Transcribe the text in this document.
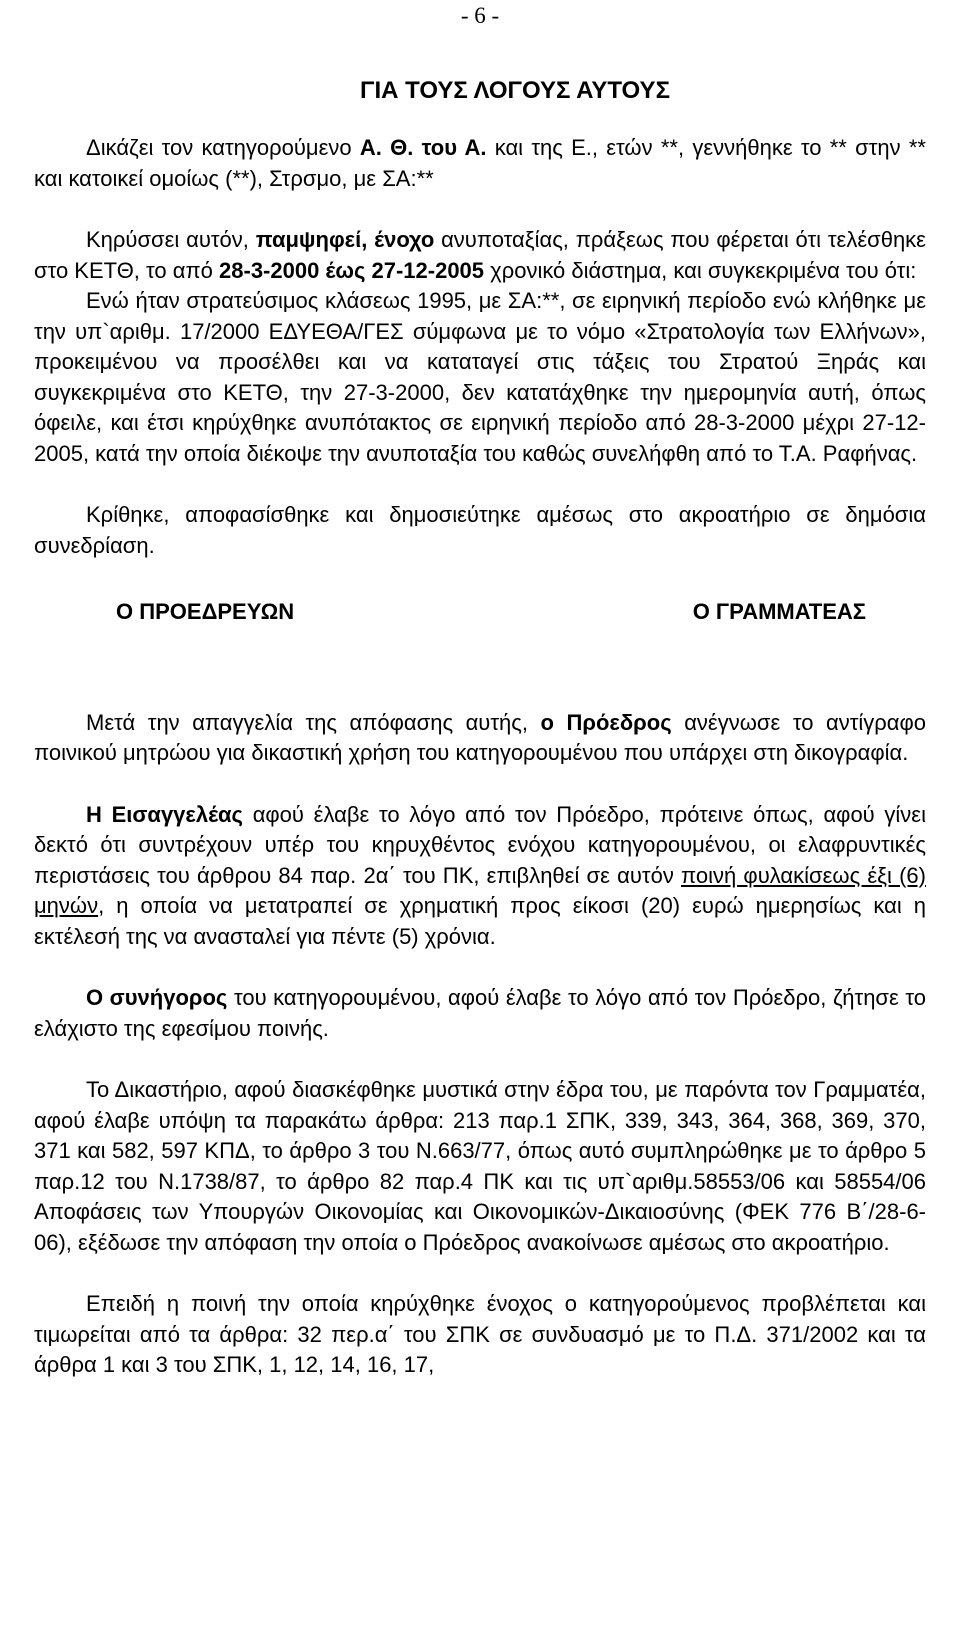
- 6 -
ΓΙΑ ΤΟΥΣ ΛΟΓΟΥΣ ΑΥΤΟΥΣ

Δικάζει τον κατηγορούμενο Α. Θ. του Α. και της Ε., ετών **, γεννήθηκε το ** στην ** και κατοικεί ομοίως (**), Στρσμο, με ΣΑ:**

Κηρύσσει αυτόν, παμψηφεί, ένοχο ανυποταξίας, πράξεως που φέρεται ότι τελέσθηκε στο ΚΕΤΘ, το από 28-3-2000 έως 27-12-2005 χρονικό διάστημα, και συγκεκριμένα του ότι:

Ενώ ήταν στρατεύσιμος κλάσεως 1995, με ΣΑ:**, σε ειρηνική περίοδο ενώ κλήθηκε με την υπ`αριθμ. 17/2000 ΕΔΥΕΘΑ/ΓΕΣ σύμφωνα με το νόμο «Στρατολογία των Ελλήνων», προκειμένου να προσέλθει και να καταταγεί στις τάξεις του Στρατού Ξηράς και συγκεκριμένα στο ΚΕΤΘ, την 27-3-2000, δεν κατατάχθηκε την ημερομηνία αυτή, όπως όφειλε, και έτσι κηρύχθηκε ανυπότακτος σε ειρηνική περίοδο από 28-3-2000 μέχρι 27-12-2005, κατά την οποία διέκοψε την ανυποταξία του καθώς συνελήφθη από το Τ.Α. Ραφήνας.

Κρίθηκε, αποφασίσθηκε και δημοσιεύτηκε αμέσως στο ακροατήριο σε δημόσια συνεδρίαση.

Ο ΠΡΟΕΔΡΕΥΩΝ	Ο ΓΡΑΜΜΑΤΕΑΣ

Μετά την απαγγελία της απόφασης αυτής, ο Πρόεδρος ανέγνωσε το αντίγραφο ποινικού μητρώου για δικαστική χρήση του κατηγορουμένου που υπάρχει στη δικογραφία.

Η Εισαγγελέας αφού έλαβε το λόγο από τον Πρόεδρο, πρότεινε όπως, αφού γίνει δεκτό ότι συντρέχουν υπέρ του κηρυχθέντος ενόχου κατηγορουμένου, οι ελαφρυντικές περιστάσεις του άρθρου 84 παρ. 2α΄ του ΠΚ, επιβληθεί σε αυτόν ποινή φυλακίσεως έξι (6) μηνών, η οποία να μετατραπεί σε χρηματική προς είκοσι (20) ευρώ ημερησίως και η εκτέλεσή της να ανασταλεί για πέντε (5) χρόνια.

Ο συνήγορος του κατηγορουμένου, αφού έλαβε το λόγο από τον Πρόεδρο, ζήτησε το ελάχιστο της εφεσίμου ποινής.

Το Δικαστήριο, αφού διασκέφθηκε μυστικά στην έδρα του, με παρόντα τον Γραμματέα, αφού έλαβε υπόψη τα παρακάτω άρθρα: 213 παρ.1 ΣΠΚ, 339, 343, 364, 368, 369, 370, 371 και 582, 597 ΚΠΔ, το άρθρο 3 του Ν.663/77, όπως αυτό συμπληρώθηκε με το άρθρο 5 παρ.12 του Ν.1738/87, το άρθρο 82 παρ.4 ΠΚ και τις υπ`αριθμ.58553/06 και 58554/06 Αποφάσεις των Υπουργών Οικονομίας και Οικονομικών-Δικαιοσύνης (ΦΕΚ 776 Β΄/28-6-06), εξέδωσε την απόφαση την οποία ο Πρόεδρος ανακοίνωσε αμέσως στο ακροατήριο.

Επειδή η ποινή την οποία κηρύχθηκε ένοχος ο κατηγορούμενος προβλέπεται και τιμωρείται από τα άρθρα: 32 περ.α΄ του ΣΠΚ σε συνδυασμό με το Π.Δ. 371/2002 και τα άρθρα 1 και 3 του ΣΠΚ, 1, 12, 14, 16, 17,
